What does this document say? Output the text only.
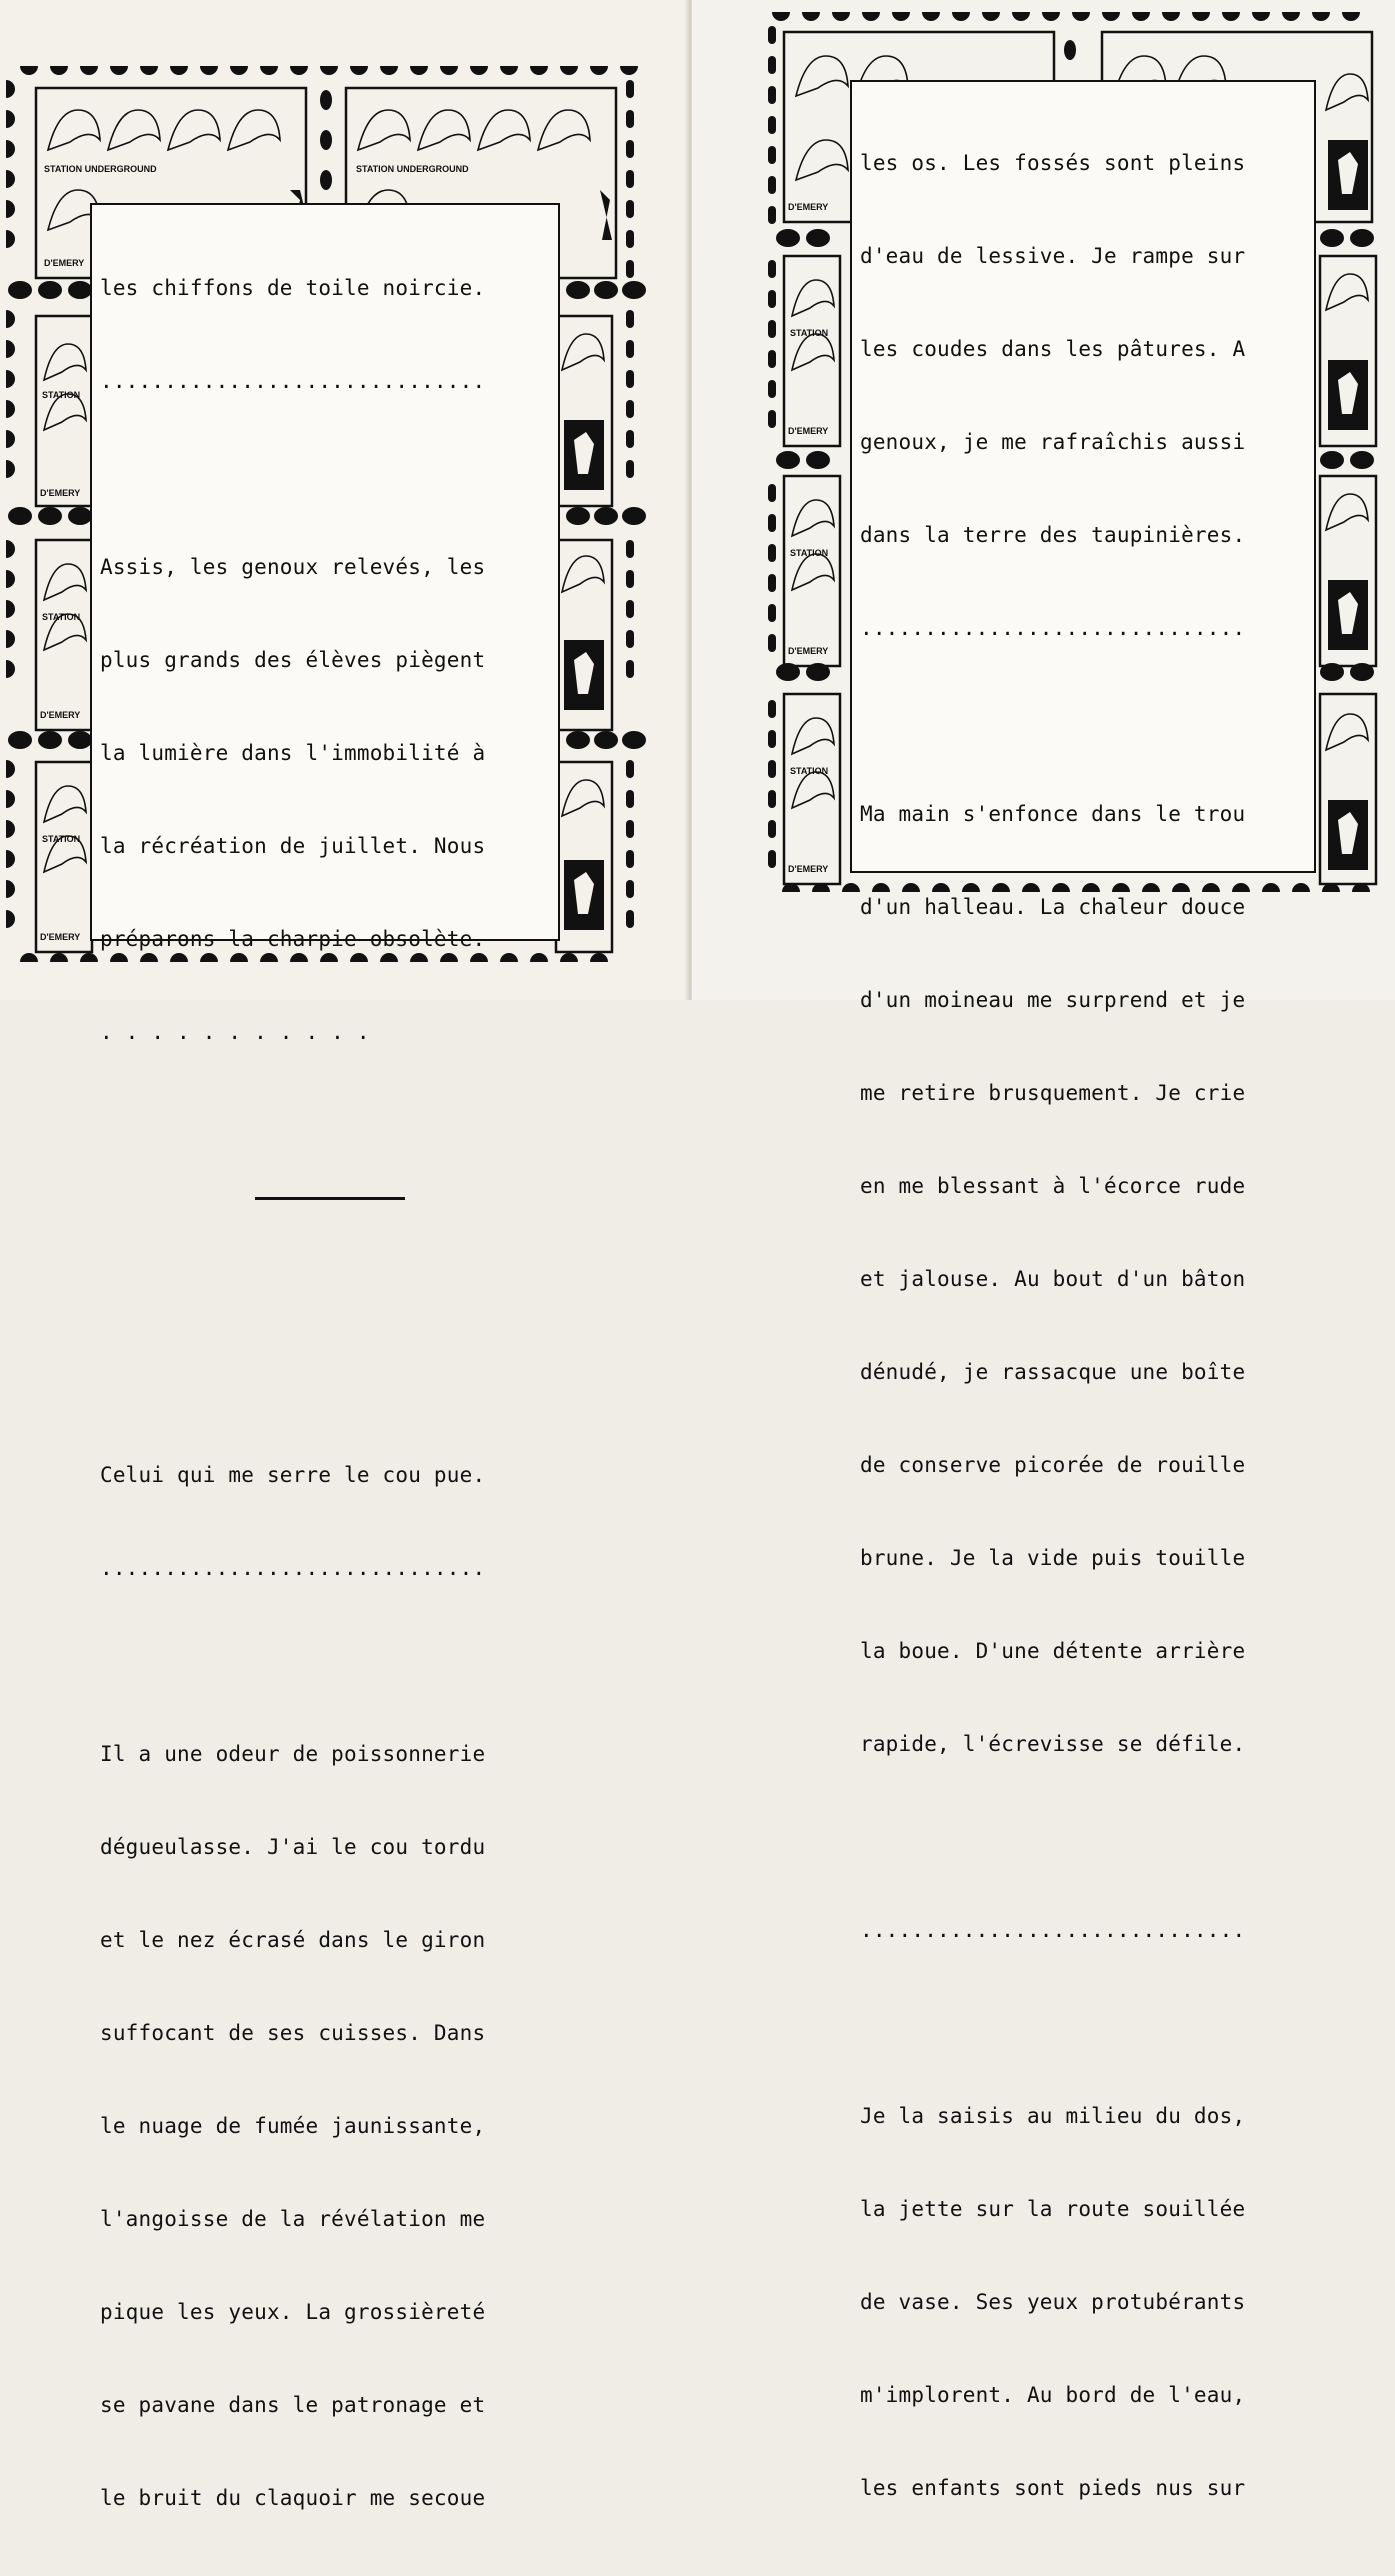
STATION UNDERGROUND	STATION UNDERGROUND
D'EMERY
STATION
D'EMERY
STATION
D'EMERY
STATION
D'EMERY

les chiffons de toile noircie.

..............................

Assis, les genoux relevés, les

plus grands des élèves piègent

la lumière dans l'immobilité à

la récréation de juillet. Nous

préparons la charpie obsolète.

. . . . . . . . . . .

Celui qui me serre le cou pue.

..............................

Il a une odeur de poissonnerie

dégueulasse. J'ai le cou tordu

et le nez écrasé dans le giron

suffocant de ses cuisses. Dans

le nuage de fumée jaunissante,

l'angoisse de la révélation me

pique les yeux. La grossièreté

se pavane dans le patronage et

le bruit du claquoir me secoue

STATION
D'EMERY
STATION
D'EMERY
STATION
D'EMERY
D'EMERY

les os. Les fossés sont pleins

d'eau de lessive. Je rampe sur

les coudes dans les pâtures. A

genoux, je me rafraîchis aussi

dans la terre des taupinières.

..............................

Ma main s'enfonce dans le trou

d'un halleau. La chaleur douce

d'un moineau me surprend et je

me retire brusquement. Je crie

en me blessant à l'écorce rude

et jalouse. Au bout d'un bâton

dénudé, je rassacque une boîte

de conserve picorée de rouille

brune. Je la vide puis touille

la boue. D'une détente arrière

rapide, l'écrevisse se défile.

..............................

Je la saisis au milieu du dos,

la jette sur la route souillée

de vase. Ses yeux protubérants

m'implorent. Au bord de l'eau,

les enfants sont pieds nus sur
